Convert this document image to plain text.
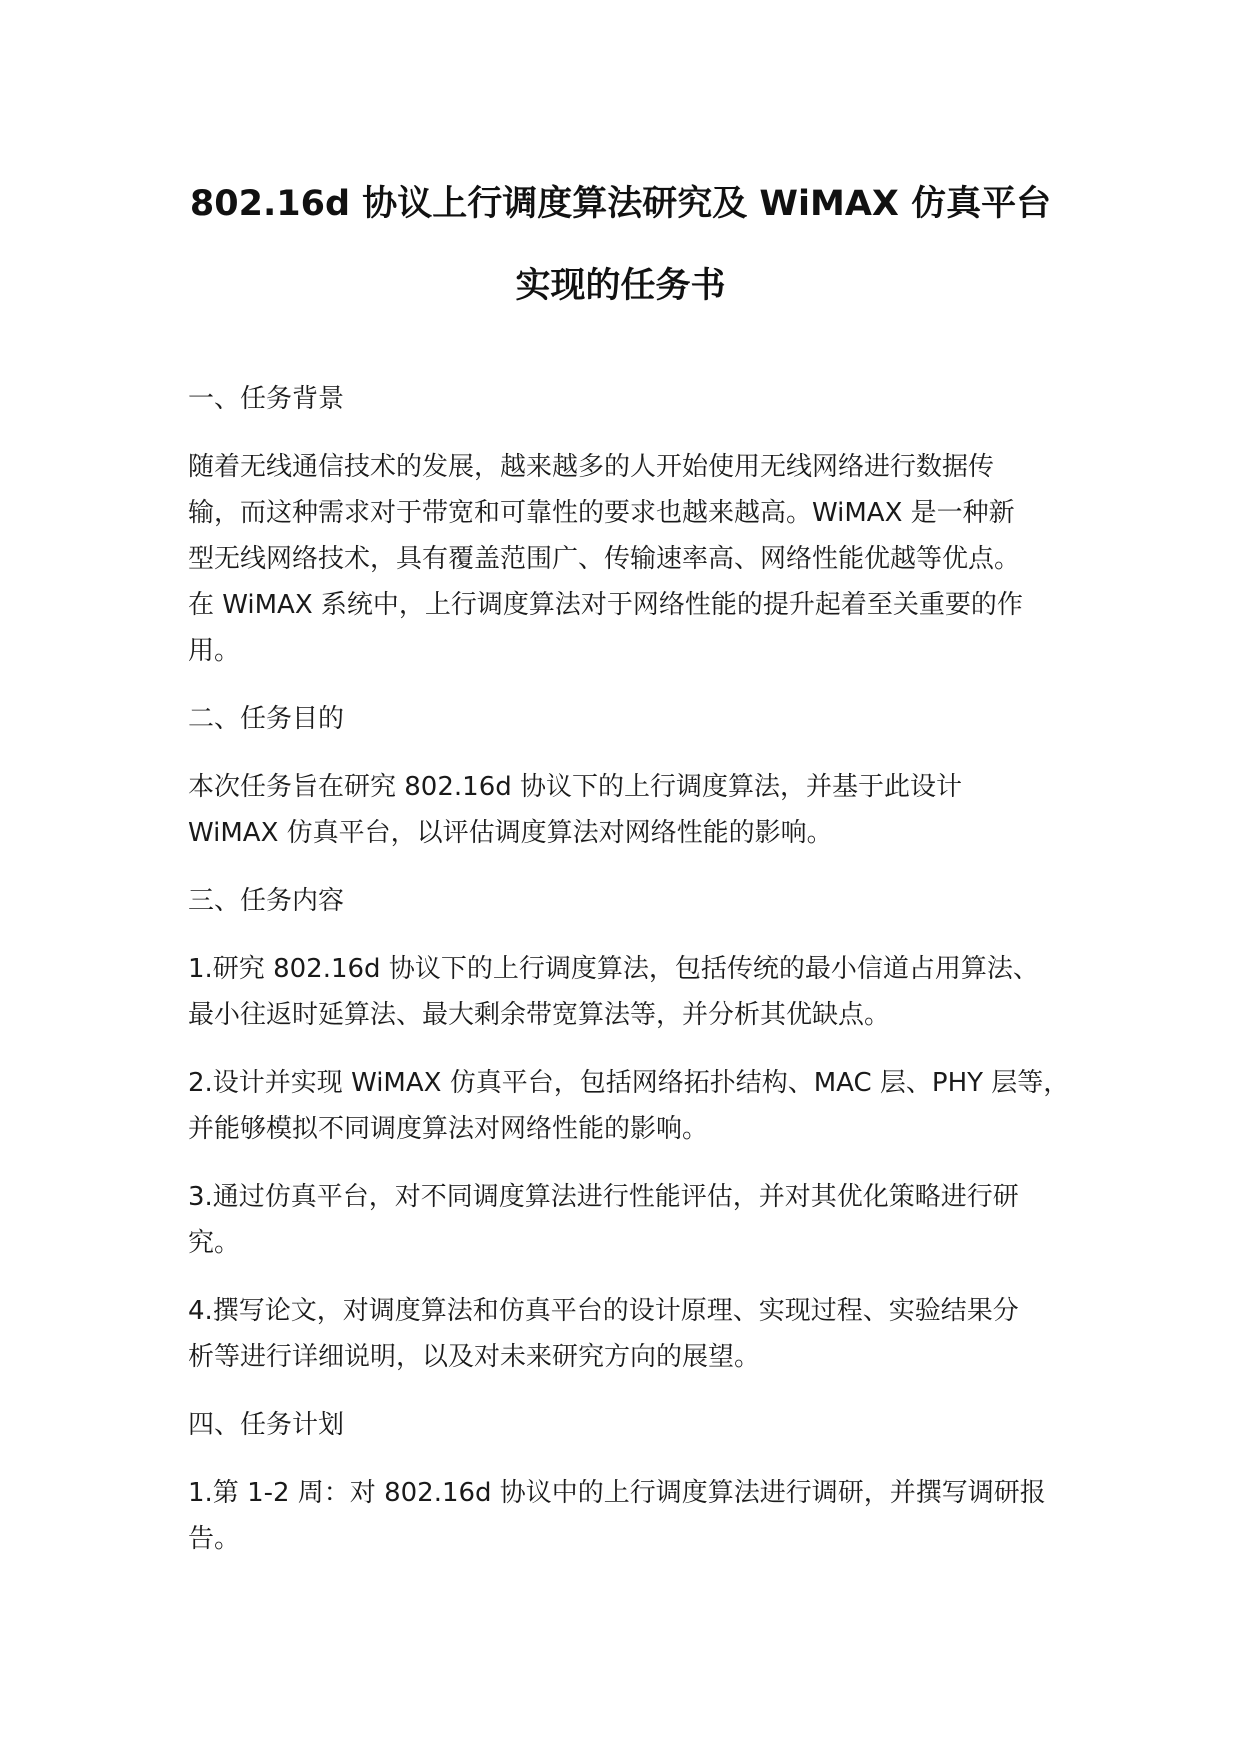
802.16d 协议上行调度算法研究及 WiMAX 仿真平台
实现的任务书
一、任务背景
随着无线通信技术的发展，越来越多的人开始使用无线网络进行数据传
输，而这种需求对于带宽和可靠性的要求也越来越高。WiMAX 是一种新
型无线网络技术，具有覆盖范围广、传输速率高、网络性能优越等优点。
在 WiMAX 系统中，上行调度算法对于网络性能的提升起着至关重要的作
用。
二、任务目的
本次任务旨在研究 802.16d 协议下的上行调度算法，并基于此设计
WiMAX 仿真平台，以评估调度算法对网络性能的影响。
三、任务内容
1.研究 802.16d 协议下的上行调度算法，包括传统的最小信道占用算法、
最小往返时延算法、最大剩余带宽算法等，并分析其优缺点。
2.设计并实现 WiMAX 仿真平台，包括网络拓扑结构、MAC 层、PHY 层等，
并能够模拟不同调度算法对网络性能的影响。
3.通过仿真平台，对不同调度算法进行性能评估，并对其优化策略进行研
究。
4.撰写论文，对调度算法和仿真平台的设计原理、实现过程、实验结果分
析等进行详细说明，以及对未来研究方向的展望。
四、任务计划
1.第 1-2 周：对 802.16d 协议中的上行调度算法进行调研，并撰写调研报
告。
